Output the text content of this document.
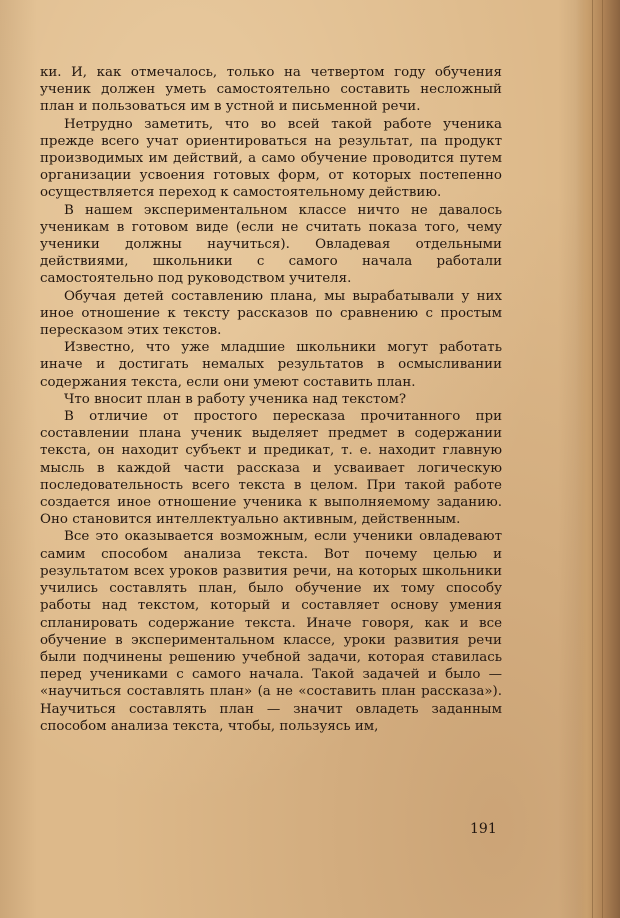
ки. И, как отмечалось, только на четвертом году обучения ученик должен уметь самостоятельно составить несложный план и пользоваться им в устной и письменной речи.

Нетрудно заметить, что во всей такой работе ученика прежде всего учат ориентироваться на результат, па продукт производимых им действий, а само обучение проводится путем организации усвоения готовых форм, от которых постепенно осуществляется переход к самостоятельному действию.

В нашем экспериментальном классе ничто не давалось ученикам в готовом виде (если не считать показа того, чему ученики должны научиться). Овладевая отдельными действиями, школьники с самого начала работали самостоятельно под руководством учителя.

Обучая детей составлению плана, мы вырабатывали у них иное отношение к тексту рассказов по сравнению с простым пересказом этих текстов.

Известно, что уже младшие школьники могут работать иначе и достигать немалых результатов в осмысливании содержания текста, если они умеют составить план.

Что вносит план в работу ученика над текстом?

В отличие от простого пересказа прочитанного при составлении плана ученик выделяет предмет в содержании текста, он находит субъект и предикат, т. е. находит главную мысль в каждой части рассказа и усваивает логическую последовательность всего текста в целом. При такой работе создается иное отношение ученика к выполняемому заданию. Оно становится интеллектуально активным, действенным.

Все это оказывается возможным, если ученики овладевают самим способом анализа текста. Вот почему целью и результатом всех уроков развития речи, на которых школьники учились составлять план, было обучение их тому способу работы над текстом, который и составляет основу умения спланировать содержание текста. Иначе говоря, как и все обучение в экспериментальном классе, уроки развития речи были подчинены решению учебной задачи, которая ставилась перед учениками с самого начала. Такой задачей и было — «научиться составлять план» (а не «составить план рассказа»). Научиться составлять план — значит овладеть заданным способом анализа текста, чтобы, пользуясь им,

191
